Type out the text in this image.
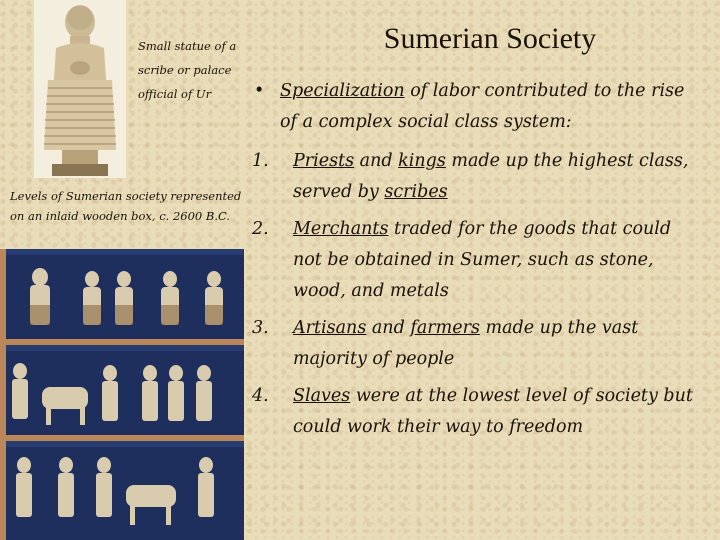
Sumerian Society
Small statue of a scribe or palace official of Ur
Levels of Sumerian society represented on an inlaid wooden box, c. 2600 B.C.
• Specialization of labor contributed to the rise of a complex social class system:
1. Priests and kings made up the highest class, served by scribes
2. Merchants traded for the goods that could not be obtained in Sumer, such as stone, wood, and metals
3. Artisans and farmers made up the vast majority of people
4. Slaves were at the lowest level of society but could work their way to freedom
